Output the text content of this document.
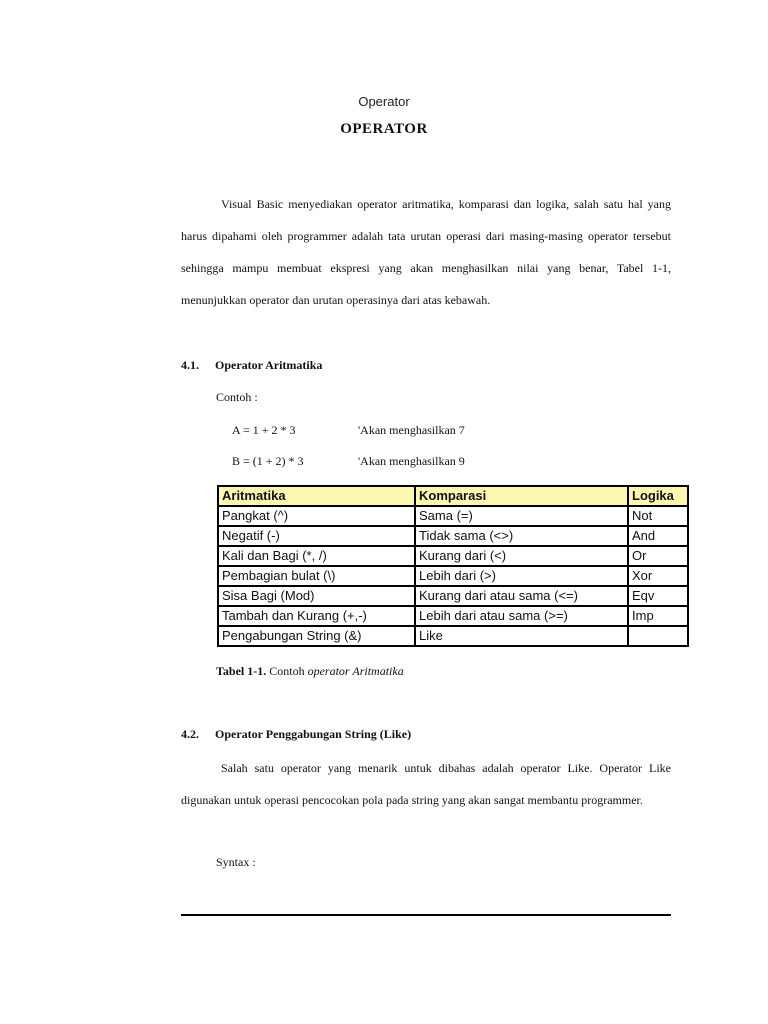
Operator
OPERATOR
Visual Basic menyediakan operator aritmatika, komparasi dan logika, salah satu hal yang harus dipahami oleh programmer adalah tata urutan operasi dari masing-masing operator tersebut sehingga mampu membuat ekspresi yang akan menghasilkan nilai yang benar, Tabel 1-1, menunjukkan operator dan urutan operasinya dari atas kebawah.
4.1. Operator Aritmatika
Contoh :
A = 1 + 2 * 3	'Akan menghasilkan 7
B = (1 + 2) * 3	'Akan menghasilkan 9
Aritmatika	Komparasi	Logika
Pangkat (^)	Sama (=)	Not
Negatif (-)	Tidak sama (<>)	And
Kali dan Bagi (*, /)	Kurang dari (<)	Or
Pembagian bulat (\)	Lebih dari (>)	Xor
Sisa Bagi (Mod)	Kurang dari atau sama (<=)	Eqv
Tambah dan Kurang (+,-)	Lebih dari atau sama (>=)	Imp
Pengabungan String (&)	Like	
Tabel 1-1. Contoh operator Aritmatika
4.2. Operator Penggabungan String (Like)
Salah satu operator yang menarik untuk dibahas adalah operator Like. Operator Like digunakan untuk operasi pencocokan pola pada string yang akan sangat membantu programmer.
Syntax :
